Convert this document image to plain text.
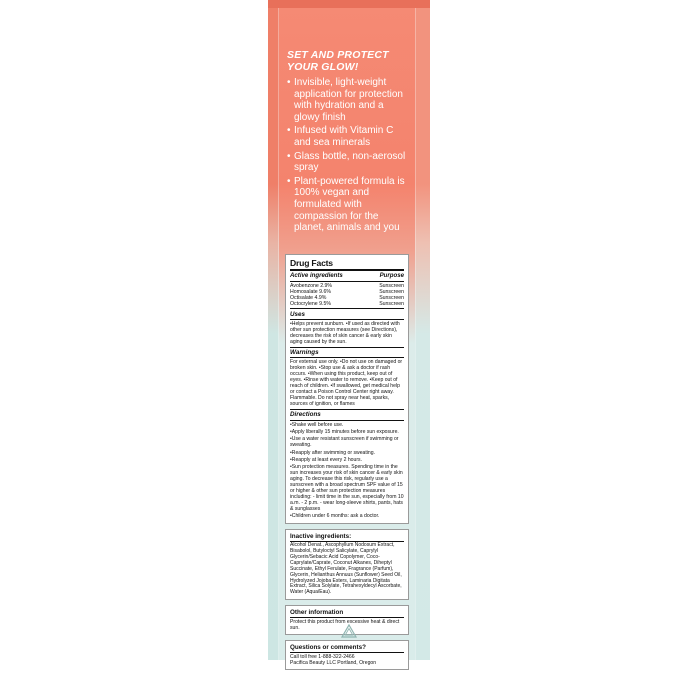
SET AND PROTECT YOUR GLOW!
• Invisible, light-weight application for protection with hydration and a glowy finish
• Infused with Vitamin C and sea minerals
• Glass bottle, non-aerosol spray
• Plant-powered formula is 100% vegan and formulated with compassion for the planet, animals and you
Drug Facts
Active ingredients	Purpose
Avobenzone 2.9%	Sunscreen
Homosalate 9.6%	Sunscreen
Octisalate 4.9%	Sunscreen
Octocrylene 9.5%	Sunscreen
Uses
•Helps prevent sunburn. •If used as directed with other sun protection measures (see Directions), decreases the risk of skin cancer & early skin aging caused by the sun.
Warnings
For external use only. •Do not use on damaged or broken skin. •Stop use & ask a doctor if rash occurs. •When using this product, keep out of eyes. •Rinse with water to remove. •Keep out of reach of children. •If swallowed, get medical help or contact a Poison Control Center right away. Flammable. Do not spray near heat, sparks, sources of ignition, or flames
Directions
•Shake well before use.
•Apply liberally 15 minutes before sun exposure.
•Use a water resistant sunscreen if swimming or sweating.
•Reapply after swimming or sweating.
•Reapply at least every 2 hours.
•Sun protection measures. Spending time in the sun increases your risk of skin cancer & early skin aging. To decrease this risk, regularly use a sunscreen with a broad spectrum SPF value of 15 or higher & other sun protection measures including: - limit time in the sun, especially from 10 a.m. - 2 p.m. - wear long-sleeve shirts, pants, hats & sunglasses
•Children under 6 months: ask a doctor.
Inactive ingredients:
Alcohol Denat., Ascophyllum Nodosum Extract, Bisabolol, Butyloctyl Salicylate, Caprylyl Glycerin/Sebacic Acid Copolymer, Coco- Caprylate/Caprate, Coconut Alkanes, Diheptyl Succinate, Ethyl Ferulate, Fragrance (Parfum), Glycerin, Helianthus Annuus (Sunflower) Seed Oil, Hydrolyzed Jojoba Esters, Laminaria Digitata Extract, Silica Solylate, Tetrahexyldecyl Ascorbate, Water (Aqua/Eau).
Other information
Protect this product from excessive heat & direct sun.
Questions or comments?
Call toll free 1-888-322-2466
Pacifica Beauty LLC Portland, Oregon
